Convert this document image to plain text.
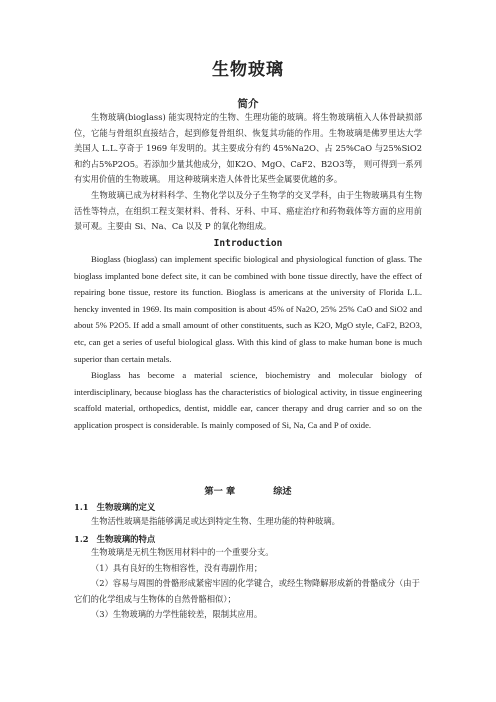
生物玻璃
简介

生物玻璃(bioglass) 能实现特定的生物、生理功能的玻璃。将生物玻璃植入人体骨缺损部位，它能与骨组织直接结合，起到修复骨组织、恢复其功能的作用。生物玻璃是佛罗里达大学美国人 L.L.亨奇于 1969 年发明的。其主要成分有约 45%Na2O、占 25%CaO 与25%SiO2和约占5%P2O5。若添加少量其他成分，如K2O、MgO、CaF2、B2O3等， 则可得到一系列有实用价值的生物玻璃。 用这种玻璃来造人体骨比某些金属要优越的多。

生物玻璃已成为材料科学、生物化学以及分子生物学的交叉学科，由于生物玻璃具有生物活性等特点，在组织工程支架材料、骨科、牙科、中耳、癌症治疗和药物载体等方面的应用前景可观。主要由 Si、Na、Ca 以及 P 的氧化物组成。

Introduction

Bioglass (bioglass) can implement specific biological and physiological function of glass. The bioglass implanted bone defect site, it can be combined with bone tissue directly, have the effect of repairing bone tissue, restore its function. Bioglass is americans at the university of Florida L.L. hencky invented in 1969. Its main composition is about 45% of Na2O, 25% 25% CaO and SiO2 and about 5% P2O5. If add a small amount of other constituents, such as K2O, MgO style, CaF2, B2O3, etc, can get a series of useful biological glass. With this kind of glass to make human bone is much superior than certain metals.

Bioglass has become a material science, biochemistry and molecular biology of interdisciplinary, because bioglass has the characteristics of biological activity, in tissue engineering scaffold material, orthopedics, dentist, middle ear, cancer therapy and drug carrier and so on the application prospect is considerable. Is mainly composed of Si, Na, Ca and P of oxide.

第一 章	综述
1.1 生物玻璃的定义

生物活性玻璃是指能够满足或达到特定生物、生理功能的特种玻璃。

1.2 生物玻璃的特点

生物玻璃是无机生物医用材料中的一个重要分支。

（1）具有良好的生物相容性，没有毒副作用；

（2）容易与周围的骨骼形成紧密牢固的化学键合，或经生物降解形成新的骨骼成分（由于它们的化学组成与生物体的自然骨骼相似）；

（3）生物玻璃的力学性能较差，限制其应用。
